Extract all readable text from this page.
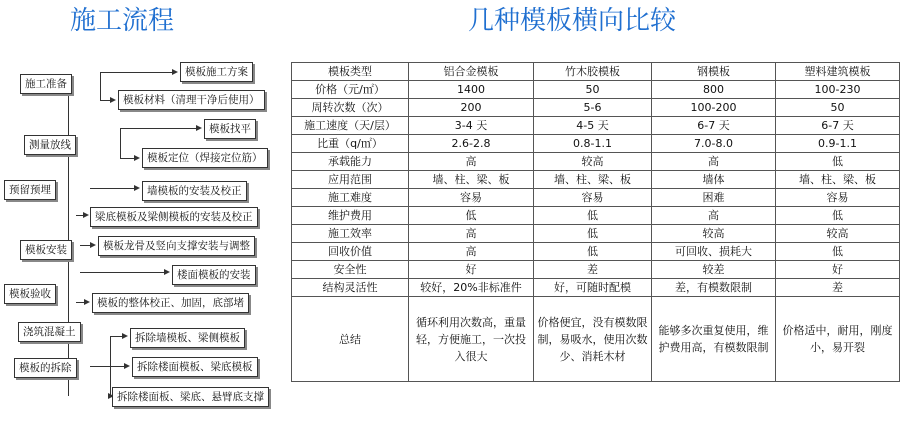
施工流程	几种模板横向比较
施工准备
测量放线
预留预埋
模板安装
模板验收
浇筑混凝土
模板的拆除
模板施工方案
模板材料（清理干净后使用）
模板找平
模板定位（焊接定位筋）
墙模板的安装及校正
梁底模板及梁侧模板的安装及校正
模板龙骨及竖向支撑安装与调整
楼面模板的安装
模板的整体校正、加固，底部堵
拆除墙模板、梁侧模板
拆除楼面模板、梁底模板
拆除楼面板、梁底、悬臂底支撑
模板类型	铝合金模板	竹木胶模板	钢模板	塑料建筑模板
价格（元/㎡）	1400	50	800	100-230
周转次数（次）	200	5-6	100-200	50
施工速度（天/层）	3-4 天	4-5 天	6-7 天	6-7 天
比重（q/㎡）	2.6-2.8	0.8-1.1	7.0-8.0	0.9-1.1
承载能力	高	较高	高	低
应用范围	墙、柱、梁、板	墙、柱、梁、板	墙体	墙、柱、梁、板
施工难度	容易	容易	困难	容易
维护费用	低	低	高	低
施工效率	高	低	较高	较高
回收价值	高	低	可回收、损耗大	低
安全性	好	差	较差	好
结构灵活性	较好，20%非标准件	好，可随时配模	差，有模数限制	差
总结	循环利用次数高，重量轻，方便施工，一次投入很大	价格便宜，没有模数限制，易吸水，使用次数少、消耗木材	能够多次重复使用，维护费用高，有模数限制	价格适中，耐用，刚度小，易开裂
